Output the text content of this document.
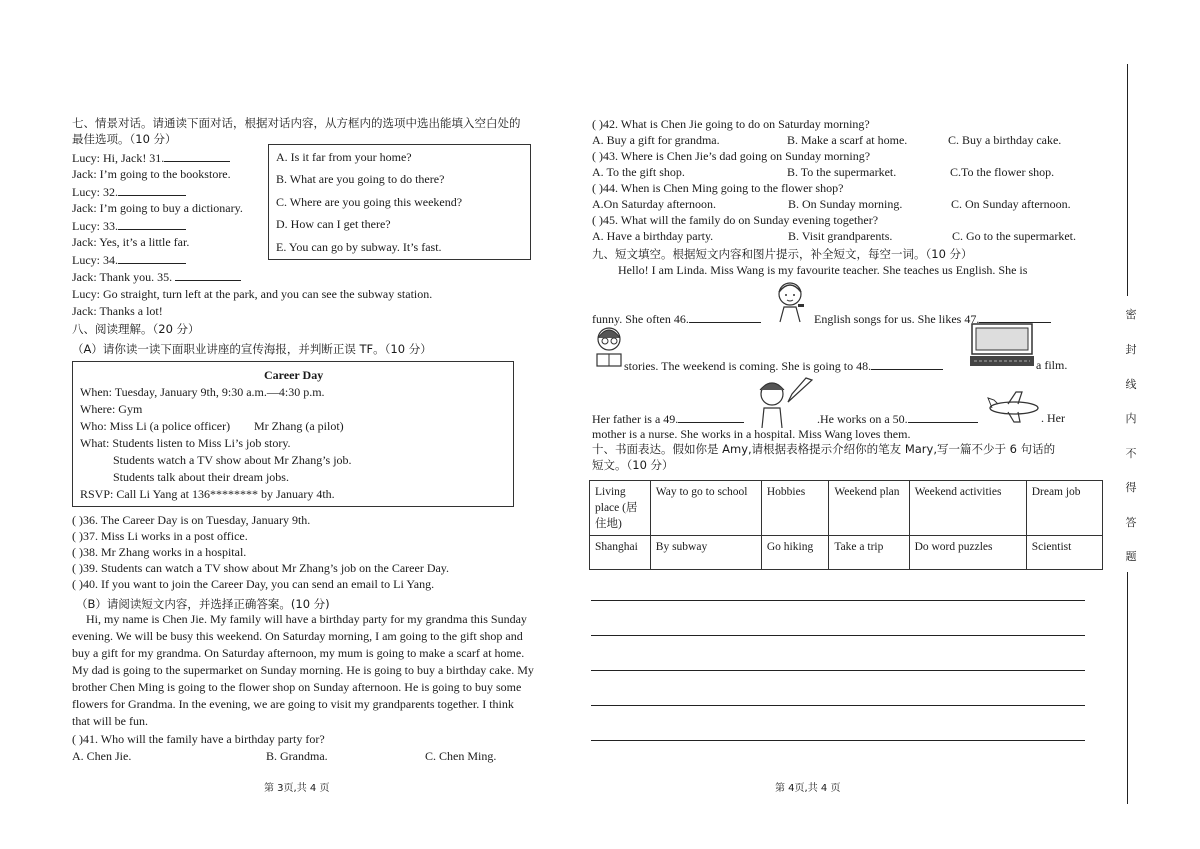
七、情景对话。请通读下面对话，根据对话内容，从方框内的选项中选出能填入空白处的
最佳选项。（10 分）
Lucy: Hi, Jack! 31.
Jack: I’m going to the bookstore.
Lucy: 32.
Jack: I’m going to buy a dictionary.
Lucy: 33.
Jack: Yes, it’s a little far.
Lucy: 34.
Jack: Thank you. 35.
Lucy: Go straight, turn left at the park, and you can see the subway station.
Jack: Thanks a lot!
A. Is it far from your home?
B. What are you going to do there?
C. Where are you going this weekend?
D. How can I get there?
E. You can go by subway. It’s fast.
八、阅读理解。（20 分）
（A）请你读一读下面职业讲座的宣传海报，并判断正误 TF。（10 分）
Career Day
When: Tuesday, January 9th, 9:30 a.m.—4:30 p.m.
Where: Gym
Who: Miss Li (a police officer) Mr Zhang (a pilot)
What: Students listen to Miss Li’s job story.
Students watch a TV show about Mr Zhang’s job.
Students talk about their dream jobs.
RSVP: Call Li Yang at 136******** by January 4th.
( )36. The Career Day is on Tuesday, January 9th.
( )37. Miss Li works in a post office.
( )38. Mr Zhang works in a hospital.
( )39. Students can watch a TV show about Mr Zhang’s job on the Career Day.
( )40. If you want to join the Career Day, you can send an email to Li Yang.
（B）请阅读短文内容，并选择正确答案。(10 分)
Hi, my name is Chen Jie. My family will have a birthday party for my grandma this Sunday
evening. We will be busy this weekend. On Saturday morning, I am going to the gift shop and
buy a gift for my grandma. On Saturday afternoon, my mum is going to make a scarf at home.
My dad is going to the supermarket on Sunday morning. He is going to buy a birthday cake. My
brother Chen Ming is going to the flower shop on Sunday afternoon. He is going to buy some
flowers for Grandma. In the evening, we are going to visit my grandparents together. I think
that will be fun.
( )41. Who will the family have a birthday party for?
A. Chen Jie.	B. Grandma.	C. Chen Ming.
第 3页,共 4 页
( )42. What is Chen Jie going to do on Saturday morning?
A. Buy a gift for grandma.	B. Make a scarf at home.	C. Buy a birthday cake.
( )43. Where is Chen Jie’s dad going on Sunday morning?
A. To the gift shop.	B. To the supermarket.	C.To the flower shop.
( )44. When is Chen Ming going to the flower shop?
A.On Saturday afternoon.	B. On Sunday morning.	C. On Sunday afternoon.
( )45. What will the family do on Sunday evening together?
A. Have a birthday party.	B. Visit grandparents.	C. Go to the supermarket.
九、短文填空。根据短文内容和图片提示，补全短文，每空一词。（10 分）
Hello! I am Linda. Miss Wang is my favourite teacher. She teaches us English. She is
funny. She often 46.	English songs for us. She likes 47.
stories. The weekend is coming. She is going to 48.	a film.
Her father is a 49.	.He works on a 50.	. Her
mother is a nurse. She works in a hospital. Miss Wang loves them.
十、书面表达。假如你是 Amy,请根据表格提示介绍你的笔友 Mary,写一篇不少于 6 句话的
短文。（10 分）
Living place (居住地)	Way to go to school	Hobbies	Weekend plan	Weekend activities	Dream job
Shanghai	By subway	Go hiking	Take a trip	Do word puzzles	Scientist
第 4页,共 4 页
密
封
线
内
不
得
答
题
